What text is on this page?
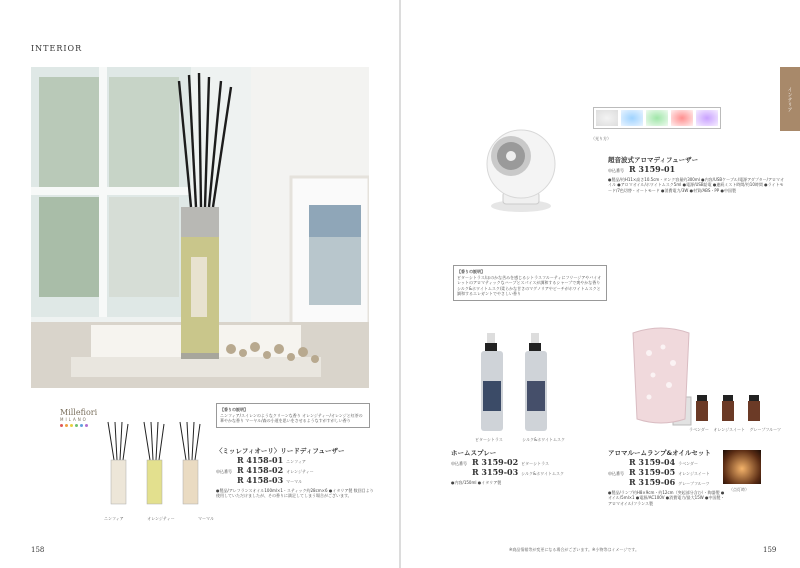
INTERIOR
Millefiori
MILANO
ニンフィア	オレンジティー	マーマル
【香りの説明】
ニンフィア/スイレンのようなクリーンな香り オレンジティー/オレンジと紅茶の華やかな香り マーヤル/森の小道を思いをさせるようなすがすがしい香り
〈ミッレフィオーリ〉リードディフューザー
R 4158-01 ニンフィア
申込番号 R 4158-02 オレンジティー
R 4158-03 マーマル
●製品/アレフランスオイル100ml×1・スティック約28cm×6 ●イタリア製 数回目より使用していただけましたが、その香りに満足してしまう場合がございます。
158
インテリア
（光り方）
超音波式アロマディフューザー
申込番号 R 3159-01
●製品/約H11×高さ10.5cm・タンク容量約300ml ●内容/USBケーブル/電源アダプター/アロマオイル ●アロマオイル/ホワイトムスク5ml ●電源/USB給電 ●連続ミスト時間/約10時間 ●ライトモード/7色切替・オートモード ●消費電力/3W ●材質/ABS・PP ●中国製
【香りの説明】
ビターシトラス/ほのかな苦みを感じるシトラスフルーティにフリージアやバイオレットのアロマティックなハーブとスパイスが調和するシャープで爽やかな香り シルク&ホワイトムスク/柔らかな甘さのマグノリアやピーチがホワイトムスクと調和するエレガントでやさしい香り
ビターシトラス	シルク&ホワイトムスク
ホームスプレー
申込番号 R 3159-02 ビターシトラス
R 3159-03 シルク&ホワイトムスク
●内容/150ml ●イタリア製
ラベンダー オレンジスイート グレープフルーツ
（点灯時）
アロマルームランプ&オイルセット
R 3159-04 ラベンダー
申込番号 R 3159-05 オレンジスイート
R 3159-06 グレープフルーツ
●製品/ランプ約H8×9cm・約12cm（突起部分含む）・陶器製 ●オイル/5ml×1 ●電源/AC100V ●消費電力/最大15W ●中国製・アロマオイル/フランス製
※商品情報等が変更になる場合がございます。※小物等はイメージです。	159
